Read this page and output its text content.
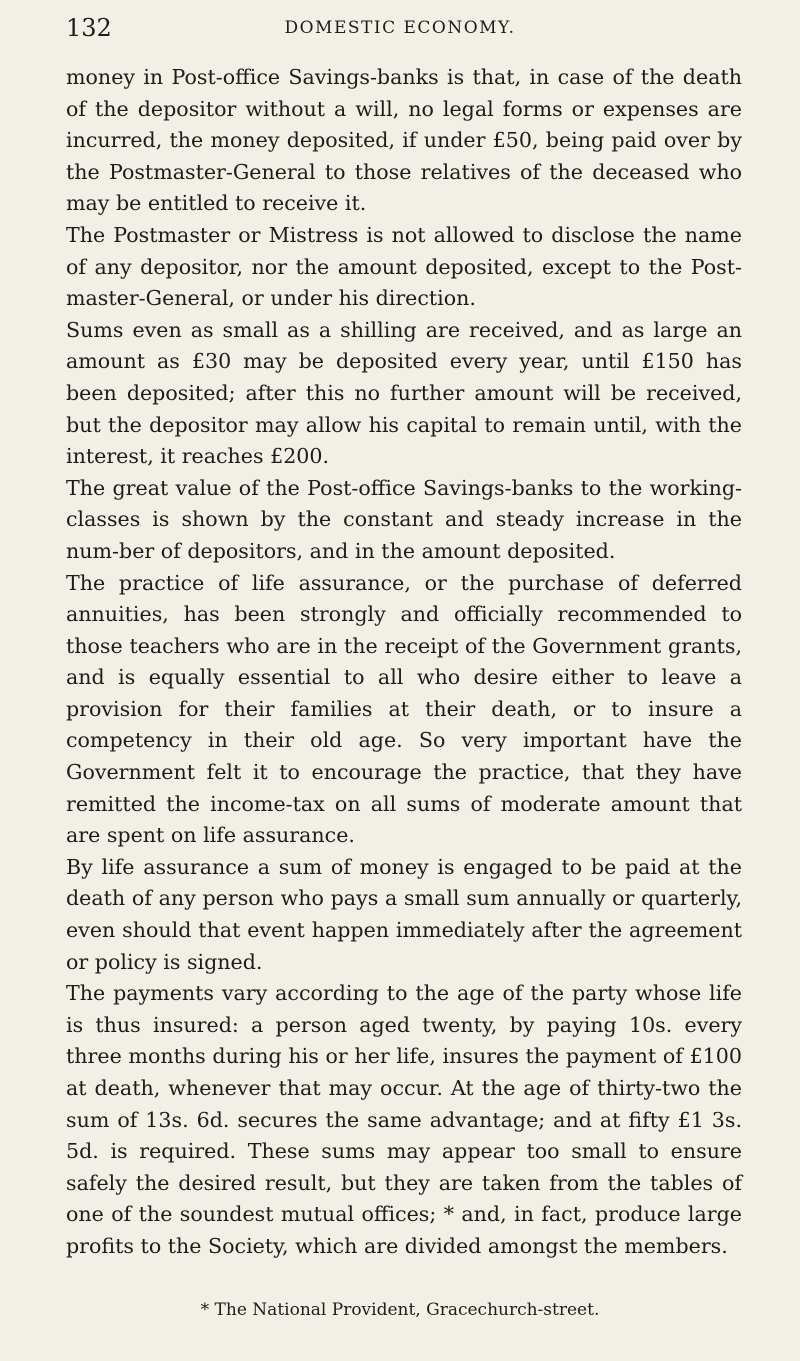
132	DOMESTIC ECONOMY.

money in Post-office Savings-banks is that, in case of the death of the depositor without a will, no legal forms or expenses are incurred, the money deposited, if under £50, being paid over by the Postmaster-General to those relatives of the deceased who may be entitled to receive it.

The Postmaster or Mistress is not allowed to disclose the name of any depositor, nor the amount deposited, except to the Post-master-General, or under his direction.

Sums even as small as a shilling are received, and as large an amount as £30 may be deposited every year, until £150 has been deposited; after this no further amount will be received, but the depositor may allow his capital to remain until, with the interest, it reaches £200.

The great value of the Post-office Savings-banks to the working-classes is shown by the constant and steady increase in the num-ber of depositors, and in the amount deposited.

The practice of life assurance, or the purchase of deferred annuities, has been strongly and officially recommended to those teachers who are in the receipt of the Government grants, and is equally essential to all who desire either to leave a provision for their families at their death, or to insure a competency in their old age. So very important have the Government felt it to encourage the practice, that they have remitted the income-tax on all sums of moderate amount that are spent on life assurance.

By life assurance a sum of money is engaged to be paid at the death of any person who pays a small sum annually or quarterly, even should that event happen immediately after the agreement or policy is signed.

The payments vary according to the age of the party whose life is thus insured: a person aged twenty, by paying 10s. every three months during his or her life, insures the payment of £100 at death, whenever that may occur. At the age of thirty-two the sum of 13s. 6d. secures the same advantage; and at fifty £1 3s. 5d. is required. These sums may appear too small to ensure safely the desired result, but they are taken from the tables of one of the soundest mutual offices; * and, in fact, produce large profits to the Society, which are divided amongst the members.

* The National Provident, Gracechurch-street.
